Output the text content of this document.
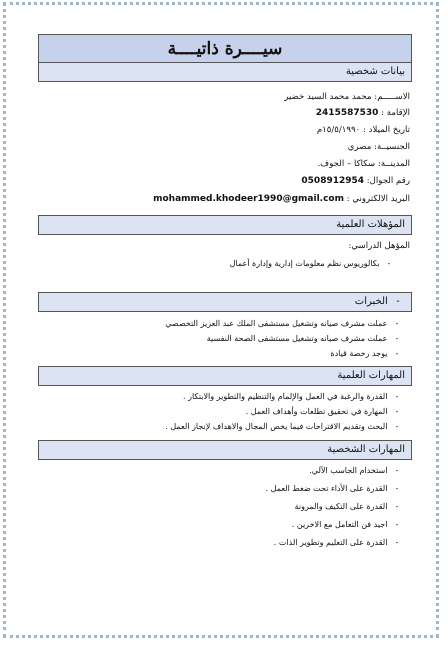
سيــــرة ذاتيــــة
بيانات شخصية
الاســـــم: محمد محمد السيد خضير
الإقامة : 2415587530
تاريخ الميلاد : ١٥/٥/١٩٩٠م
الجنسيــة: مصري
المدينــة: سكاكا – الجوف.
رقم الجوال: 0508912954
البريد الالكتروني : mohammed.khodeer1990@gmail.com
المؤهلات العلمية
المؤهل الدراسي:
- بكالوريوس نظم معلومات إدارية وإدارة أعمال
- الخبرات
- عملت مشرف صيانه وتشغيل مستشفى الملك عبد العزيز التخصصي
- عملت مشرف صيانه وتشغيل مستشفى الصحة النفسية
- يوجد رخصة قيادة
المهارات العلمية
- القدرة والرغبة في العمل والإلمام والتنظيم والتطوير والابتكار .
- المهارة في تحقيق تطلعات وأهداف العمل .
- البحث وتقديم الاقتراحات فيما يخص المجال والاهداف لإنجاز العمل .
المهارات الشخصية
- استخدام الحاسب الآلي.
- القدرة على الأداء تحت ضغط العمل .
- القدرة على التكيف والمرونة
- اجيد فن التعامل مع الاخرين .
- القدرة على التعليم وتطوير الذات .
